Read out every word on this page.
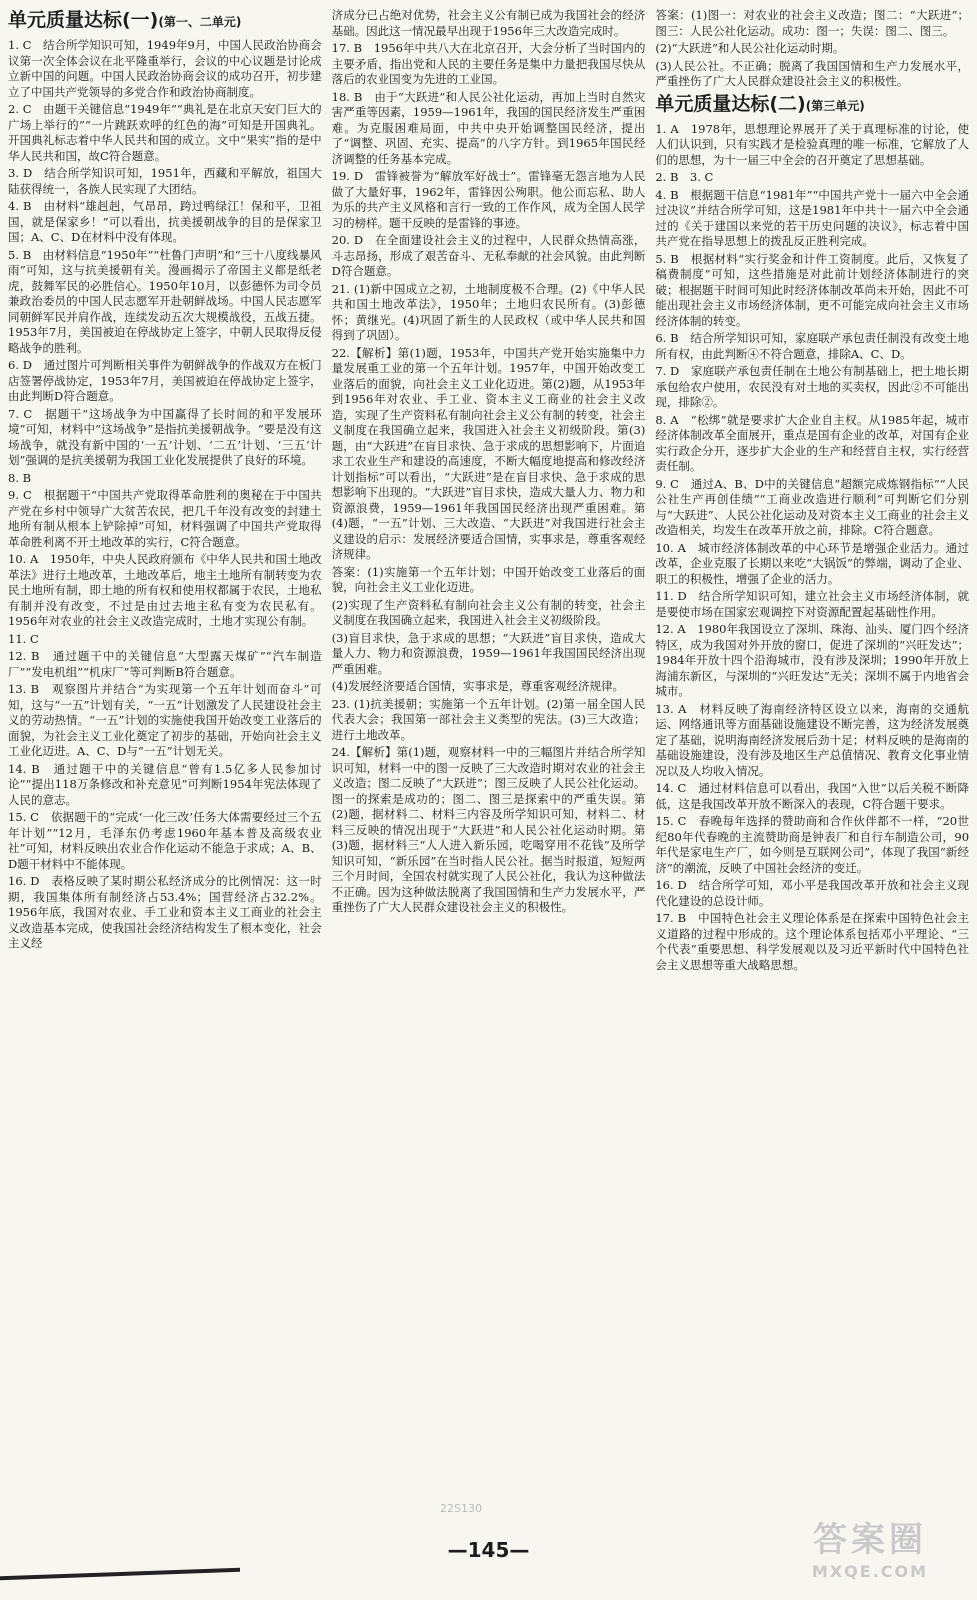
单元质量达标(一)(第一、二单元)

1. C　结合所学知识可知，1949年9月，中国人民政治协商会议第一次全体会议在北平隆重举行，会议的中心议题是讨论成立新中国的问题。中国人民政治协商会议的成功召开，初步建立了中国共产党领导的多党合作和政治协商制度。

2. C　由题干关键信息“1949年”“典礼是在北京天安门巨大的广场上举行的”“一片跳跃欢呼的红色的海”可知是开国典礼。开国典礼标志着中华人民共和国的成立。文中“果实”指的是中华人民共和国，故C符合题意。

3. D　结合所学知识可知，1951年，西藏和平解放，祖国大陆获得统一，各族人民实现了大团结。

4. B　由材料“雄赳赳，气昂昂，跨过鸭绿江！保和平，卫祖国，就是保家乡！”可以看出，抗美援朝战争的目的是保家卫国；A、C、D在材料中没有体现。

5. B　由材料信息“1950年”“杜鲁门声明”和“三十八度线暴风雨”可知，这与抗美援朝有关。漫画揭示了帝国主义都是纸老虎，鼓舞军民的必胜信心。1950年10月，以彭德怀为司令员兼政治委员的中国人民志愿军开赴朝鲜战场。中国人民志愿军同朝鲜军民并肩作战，连续发动五次大规模战役，五战五捷。1953年7月，美国被迫在停战协定上签字，中朝人民取得反侵略战争的胜利。

6. D　通过图片可判断相关事件为朝鲜战争的作战双方在板门店签署停战协定，1953年7月，美国被迫在停战协定上签字，由此判断D符合题意。

7. C　据题干“这场战争为中国赢得了长时间的和平发展环境”可知，材料中“这场战争”是指抗美援朝战争。“要是没有这场战争，就没有新中国的‘一五’计划、‘二五’计划、‘三五’计划”强调的是抗美援朝为我国工业化发展提供了良好的环境。

8. B

9. C　根据题干“中国共产党取得革命胜利的奥秘在于中国共产党在乡村中领导广大贫苦农民，把几千年没有改变的封建土地所有制从根本上铲除掉”可知，材料强调了中国共产党取得革命胜利离不开土地改革的实行，C符合题意。

10. A　1950年，中央人民政府颁布《中华人民共和国土地改革法》进行土地改革，土地改革后，地主土地所有制转变为农民土地所有制，即土地的所有权和使用权都属于农民，土地私有制并没有改变，不过是由过去地主私有变为农民私有。1956年对农业的社会主义改造完成时，土地才实现公有制。

11. C

12. B　通过题干中的关键信息“大型露天煤矿”“汽车制造厂”“发电机组”“机床厂”等可判断B符合题意。

13. B　观察图片并结合“为实现第一个五年计划而奋斗”可知，这与“一五”计划有关，“一五”计划激发了人民建设社会主义的劳动热情。“一五”计划的实施使我国开始改变工业落后的面貌，为社会主义工业化奠定了初步的基础，开始向社会主义工业化迈进。A、C、D与“一五”计划无关。

14. B　通过题干中的关键信息“曾有1.5亿多人民参加讨论”“提出118万条修改和补充意见”可判断1954年宪法体现了人民的意志。

15. C　依据题干的“完成‘一化三改’任务大体需要经过三个五年计划”“12月，毛泽东仍考虑1960年基本普及高级农业社”可知，材料反映出农业合作化运动不能急于求成；A、B、D题干材料中不能体现。

16. D　表格反映了某时期公私经济成分的比例情况：这一时期，我国集体所有制经济占53.4%；国营经济占32.2%。1956年底，我国对农业、手工业和资本主义工商业的社会主义改造基本完成，使我国社会经济结构发生了根本变化，社会主义经

济成分已占绝对优势，社会主义公有制已成为我国社会的经济基础。因此这一情况最早出现于1956年三大改造完成时。

17. B　1956年中共八大在北京召开，大会分析了当时国内的主要矛盾，指出党和人民的主要任务是集中力量把我国尽快从落后的农业国变为先进的工业国。

18. B　由于“大跃进”和人民公社化运动，再加上当时自然灾害严重等因素，1959—1961年，我国的国民经济发生严重困难。为克服困难局面，中共中央开始调整国民经济，提出了“调整、巩固、充实、提高”的八字方针。到1965年国民经济调整的任务基本完成。

19. D　雷锋被誉为“解放军好战士”。雷锋毫无怨言地为人民做了大量好事，1962年，雷锋因公殉职。他公而忘私、助人为乐的共产主义风格和言行一致的工作作风，成为全国人民学习的榜样。题干反映的是雷锋的事迹。

20. D　在全面建设社会主义的过程中，人民群众热情高涨，斗志昂扬，形成了艰苦奋斗、无私奉献的社会风貌。由此判断D符合题意。

21. (1)新中国成立之初，土地制度极不合理。(2)《中华人民共和国土地改革法》，1950年；土地归农民所有。(3)彭德怀；黄继光。(4)巩固了新生的人民政权（或中华人民共和国得到了巩固）。

22.【解析】第(1)题，1953年，中国共产党开始实施集中力量发展重工业的第一个五年计划。1957年，中国开始改变工业落后的面貌，向社会主义工业化迈进。第(2)题，从1953年到1956年对农业、手工业、资本主义工商业的社会主义改造，实现了生产资料私有制向社会主义公有制的转变，社会主义制度在我国确立起来，我国进入社会主义初级阶段。第(3)题，由“大跃进”在盲目求快、急于求成的思想影响下，片面追求工农业生产和建设的高速度，不断大幅度地提高和修改经济计划指标”可以看出，“大跃进”是在盲目求快、急于求成的思想影响下出现的。“大跃进”盲目求快，造成大量人力、物力和资源浪费，1959—1961年我国国民经济出现严重困难。第(4)题，“一五”计划、三大改造、“大跃进”对我国进行社会主义建设的启示：发展经济要适合国情，实事求是，尊重客观经济规律。

答案：(1)实施第一个五年计划；中国开始改变工业落后的面貌，向社会主义工业化迈进。

(2)实现了生产资料私有制向社会主义公有制的转变，社会主义制度在我国确立起来，我国进入社会主义初级阶段。

(3)盲目求快，急于求成的思想；“大跃进”盲目求快，造成大量人力、物力和资源浪费，1959—1961年我国国民经济出现严重困难。

(4)发展经济要适合国情，实事求是，尊重客观经济规律。

23. (1)抗美援朝；实施第一个五年计划。(2)第一届全国人民代表大会；我国第一部社会主义类型的宪法。(3)三大改造；进行土地改革。

24.【解析】第(1)题，观察材料一中的三幅图片并结合所学知识可知，材料一中的图一反映了三大改造时期对农业的社会主义改造；图二反映了“大跃进”；图三反映了人民公社化运动。图一的探索是成功的；图二、图三是探索中的严重失误。第(2)题，据材料二、材料三内容及所学知识可知，材料二、材料三反映的情况出现于“大跃进”和人民公社化运动时期。第(3)题，据材料三“人人进入新乐园，吃喝穿用不花钱”及所学知识可知，“新乐园”在当时指人民公社。据当时报道，短短两三个月时间，全国农村就实现了人民公社化，我认为这种做法不正确。因为这种做法脱离了我国国情和生产力发展水平，严重挫伤了广大人民群众建设社会主义的积极性。

答案：(1)图一：对农业的社会主义改造；图二：“大跃进”；图三：人民公社化运动。成功：图一；失误：图二、图三。

(2)“大跃进”和人民公社化运动时期。

(3)人民公社。不正确；脱离了我国国情和生产力发展水平，严重挫伤了广大人民群众建设社会主义的积极性。

单元质量达标(二)(第三单元)

1. A　1978年，思想理论界展开了关于真理标准的讨论，使人们认识到，只有实践才是检验真理的唯一标准，它解放了人们的思想，为十一届三中全会的召开奠定了思想基础。

2. B　3. C

4. B　根据题干信息“1981年”“中国共产党十一届六中全会通过决议”并结合所学可知，这是1981年中共十一届六中全会通过的《关于建国以来党的若干历史问题的决议》，标志着中国共产党在指导思想上的拨乱反正胜利完成。

5. B　根据材料“实行奖金和计件工资制度。此后，又恢复了稿费制度”可知，这些措施是对此前计划经济体制进行的突破；根据题干时间可知此时经济体制改革尚未开始，因此不可能出现社会主义市场经济体制，更不可能完成向社会主义市场经济体制的转变。

6. B　结合所学知识可知，家庭联产承包责任制没有改变土地所有权，由此判断④不符合题意，排除A、C、D。

7. D　家庭联产承包责任制在土地公有制基础上，把土地长期承包给农户使用，农民没有对土地的买卖权，因此②不可能出现，排除②。

8. A　“松绑”就是要求扩大企业自主权。从1985年起，城市经济体制改革全面展开，重点是国有企业的改革，对国有企业实行政企分开，逐步扩大企业的生产和经营自主权，实行经营责任制。

9. C　通过A、B、D中的关键信息“超额完成炼钢指标”“人民公社生产再创佳绩”“工商业改造进行顺利”可判断它们分别与“大跃进”、人民公社化运动及对资本主义工商业的社会主义改造相关，均发生在改革开放之前，排除。C符合题意。

10. A　城市经济体制改革的中心环节是增强企业活力。通过改革，企业克服了长期以来吃“大锅饭”的弊端，调动了企业、职工的积极性，增强了企业的活力。

11. D　结合所学知识可知，建立社会主义市场经济体制，就是要使市场在国家宏观调控下对资源配置起基础性作用。

12. A　1980年我国设立了深圳、珠海、汕头、厦门四个经济特区，成为我国对外开放的窗口，促进了深圳的“兴旺发达”；1984年开放十四个沿海城市，没有涉及深圳；1990年开放上海浦东新区，与深圳的“兴旺发达”无关；深圳不属于内地省会城市。

13. A　材料反映了海南经济特区设立以来，海南的交通航运、网络通讯等方面基础设施建设不断完善，这为经济发展奠定了基础，说明海南经济发展后劲十足；材料反映的是海南的基础设施建设，没有涉及地区生产总值情况、教育文化事业情况以及人均收入情况。

14. C　通过材料信息可以看出，我国“入世”以后关税不断降低，这是我国改革开放不断深入的表现，C符合题干要求。

15. C　春晚每年选择的赞助商和合作伙伴都不一样，“20世纪80年代春晚的主流赞助商是钟表厂和自行车制造公司，90年代是家电生产厂，如今则是互联网公司”，体现了我国“新经济”的潮流，反映了中国社会经济的变迁。

16. D　结合所学可知，邓小平是我国改革开放和社会主义现代化建设的总设计师。

17. B　中国特色社会主义理论体系是在探索中国特色社会主义道路的过程中形成的。这个理论体系包括邓小平理论、“三个代表”重要思想、科学发展观以及习近平新时代中国特色社会主义思想等重大战略思想。

22S130
—145—	答案圈
MXQE.COM
